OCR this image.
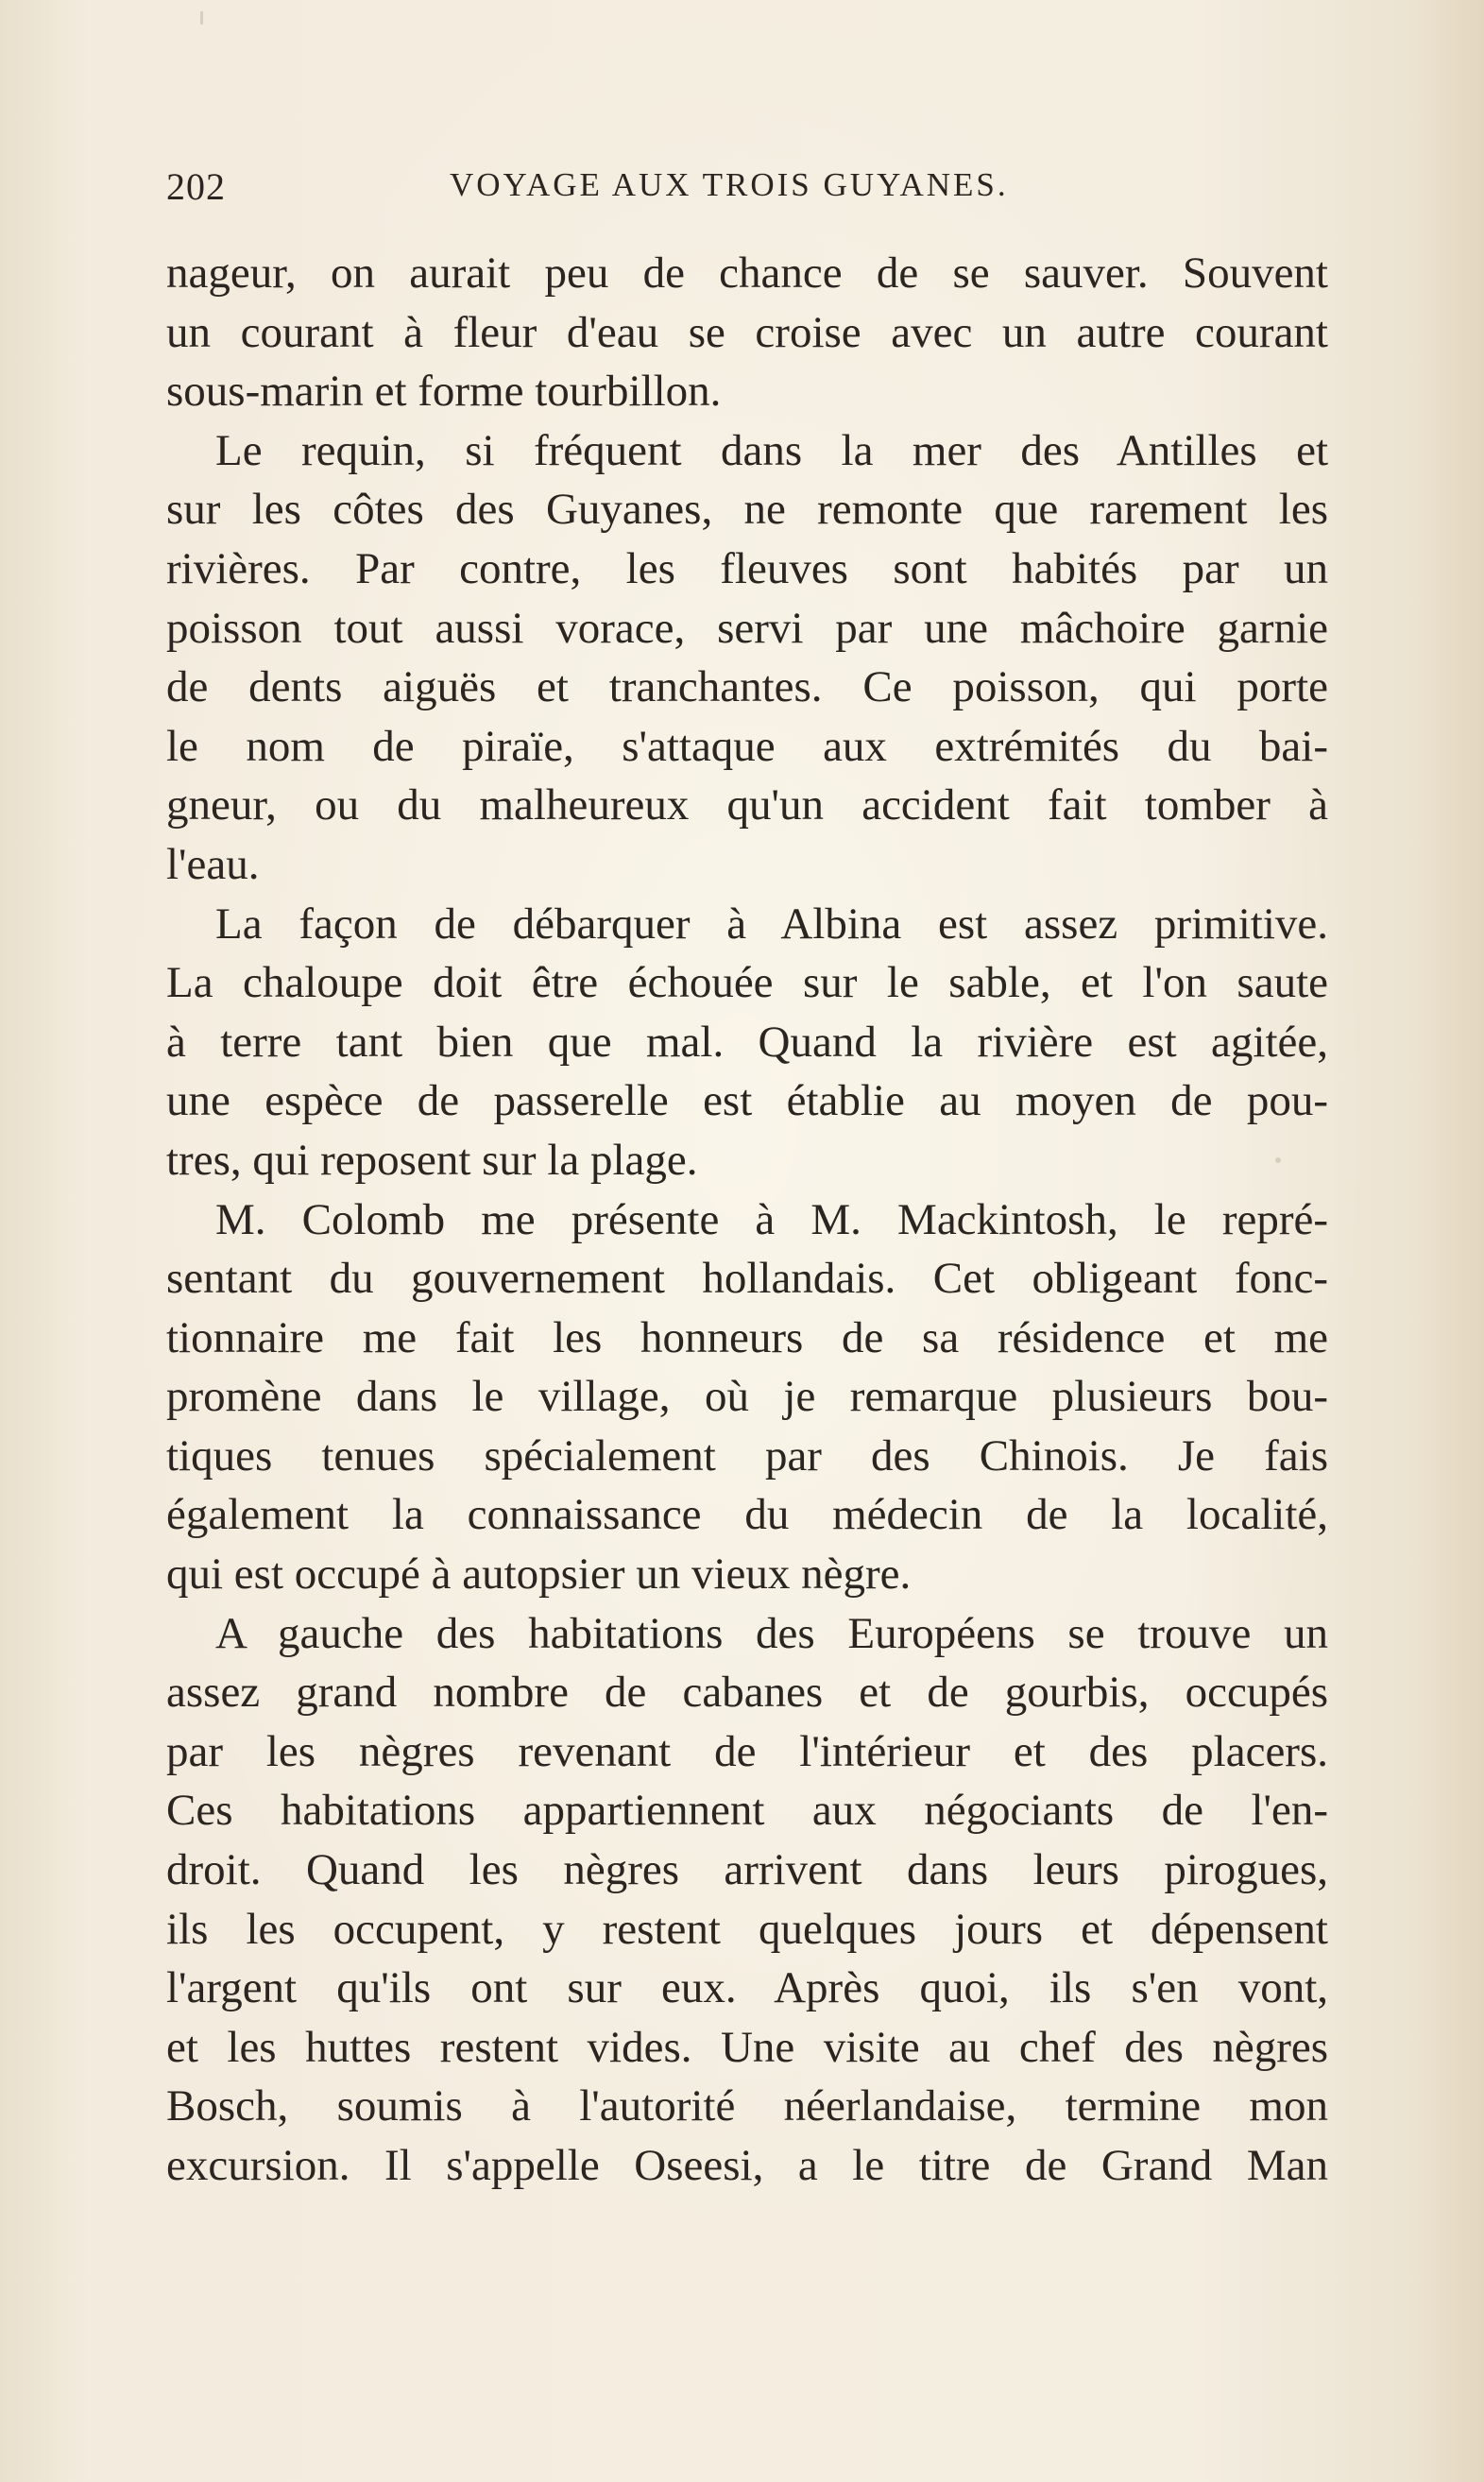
202	VOYAGE AUX TROIS GUYANES.
nageur, on aurait peu de chance de se sauver. Souvent
un courant à fleur d'eau se croise avec un autre courant
sous-marin et forme tourbillon.
Le requin, si fréquent dans la mer des Antilles et
sur les côtes des Guyanes, ne remonte que rarement les
rivières. Par contre, les fleuves sont habités par un
poisson tout aussi vorace, servi par une mâchoire garnie
de dents aiguës et tranchantes. Ce poisson, qui porte
le nom de piraïe, s'attaque aux extrémités du bai-
gneur, ou du malheureux qu'un accident fait tomber à
l'eau.
La façon de débarquer à Albina est assez primitive.
La chaloupe doit être échouée sur le sable, et l'on saute
à terre tant bien que mal. Quand la rivière est agitée,
une espèce de passerelle est établie au moyen de pou-
tres, qui reposent sur la plage.
M. Colomb me présente à M. Mackintosh, le repré-
sentant du gouvernement hollandais. Cet obligeant fonc-
tionnaire me fait les honneurs de sa résidence et me
promène dans le village, où je remarque plusieurs bou-
tiques tenues spécialement par des Chinois. Je fais
également la connaissance du médecin de la localité,
qui est occupé à autopsier un vieux nègre.
A gauche des habitations des Européens se trouve un
assez grand nombre de cabanes et de gourbis, occupés
par les nègres revenant de l'intérieur et des placers.
Ces habitations appartiennent aux négociants de l'en-
droit. Quand les nègres arrivent dans leurs pirogues,
ils les occupent, y restent quelques jours et dépensent
l'argent qu'ils ont sur eux. Après quoi, ils s'en vont,
et les huttes restent vides. Une visite au chef des nègres
Bosch, soumis à l'autorité néerlandaise, termine mon
excursion. Il s'appelle Oseesi, a le titre de Grand Man
